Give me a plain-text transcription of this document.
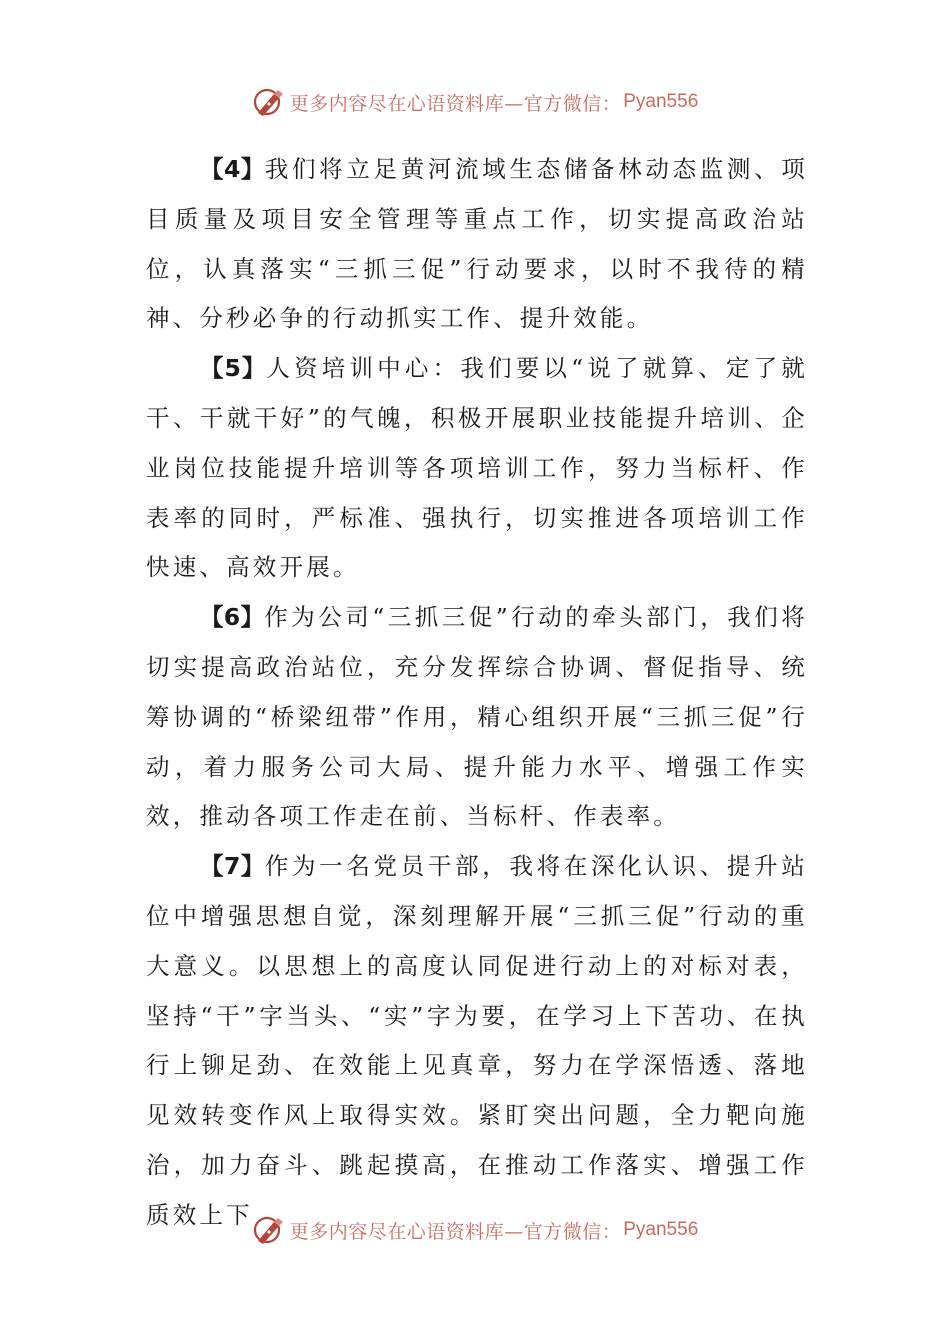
更多内容尽在心语资料库—官方微信： Pyan556

【4】我们将立足黄河流域生态储备林动态监测、项目质量及项目安全管理等重点工作，切实提高政治站位，认真落实“三抓三促”行动要求，以时不我待的精神、分秒必争的行动抓实工作、提升效能。

【5】人资培训中心：我们要以“说了就算、定了就干、干就干好”的气魄，积极开展职业技能提升培训、企业岗位技能提升培训等各项培训工作，努力当标杆、作表率的同时，严标准、强执行，切实推进各项培训工作快速、高效开展。

【6】作为公司“三抓三促”行动的牵头部门，我们将切实提高政治站位，充分发挥综合协调、督促指导、统筹协调的“桥梁纽带”作用，精心组织开展“三抓三促”行动，着力服务公司大局、提升能力水平、增强工作实效，推动各项工作走在前、当标杆、作表率。

【7】作为一名党员干部，我将在深化认识、提升站位中增强思想自觉，深刻理解开展“三抓三促”行动的重大意义。以思想上的高度认同促进行动上的对标对表，坚持“干”字当头、“实”字为要，在学习上下苦功、在执行上铆足劲、在效能上见真章，努力在学深悟透、落地见效转变作风上取得实效。紧盯突出问题，全力靶向施治，加力奋斗、跳起摸高，在推动工作落实、增强工作质效上下

更多内容尽在心语资料库—官方微信： Pyan556
